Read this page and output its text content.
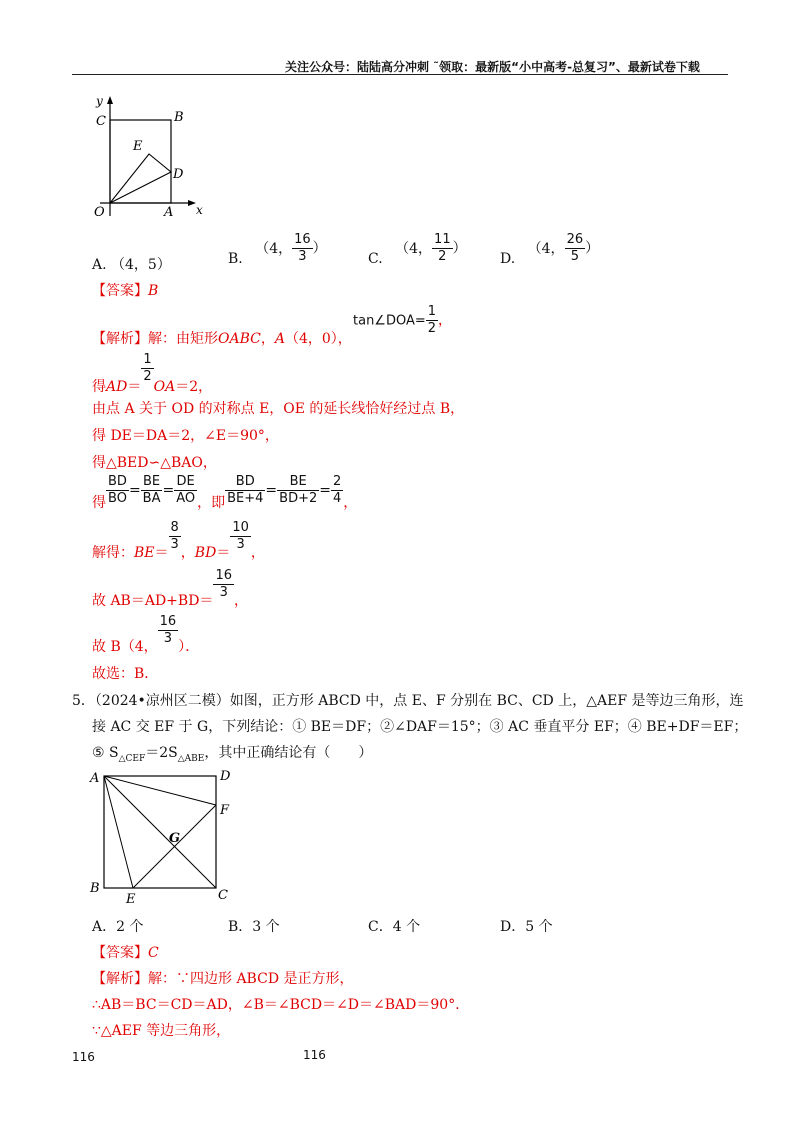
关注公众号：陆陆高分冲刺 ˜领取：最新版“小中高考-总复习”、最新试卷下载
y
C	B
E
D
O	A x
A. （4，5）	B. （4， $\frac{16}{3}$ ）
C. （4， $\frac{11}{2}$ ）
D. （4， $\frac{26}{5}$ ）
【答案】B
tan∠DOA= $\frac{1}{2}$ ，
【解析】解：由矩形OABC，A（4，0），
得AD＝
$\frac{1}{2}$
OA＝2，
由点 A 关于 OD 的对称点 E，OE 的延长线恰好经过点 B，
得 DE＝DA＝2，∠E＝90°，
得△BED∽△BAO，
得 $\frac{BD}{BO} = \frac{BE}{BA} = \frac{DE}{AO}$ ，即 $\frac{BD}{BE+4} = \frac{BE}{BD+2} = \frac{2}{4}$ ，
解得：$BE= \frac{8}{3}$ ，$BD= \frac{10}{3}$ ，
故 $AB=AD+BD= \frac{16}{3}$ ，
故 B（4， $\frac{16}{3}$ ）．
故选：B．
5．（2024•凉州区二模）如图，正方形 ABCD 中，点 E、F 分别在 BC、CD 上，△AEF 是等边三角形，连
接 AC 交 EF 于 G，下列结论：① BE＝DF；②∠DAF＝15°；③ AC 垂直平分 EF；④ BE+DF＝EF；
⑤ $S_{\triangle CEF}=2S_{\triangle ABE}$，其中正确结论有（　　）
A	D
F
G
B
E	C
A．2 个	B．3 个	C．4 个	D．5 个
【答案】C
【解析】解：∵四边形 ABCD 是正方形，
∴AB＝BC＝CD＝AD，∠B＝∠BCD＝∠D＝∠BAD＝90°．
∵△AEF 等边三角形，
116	116
